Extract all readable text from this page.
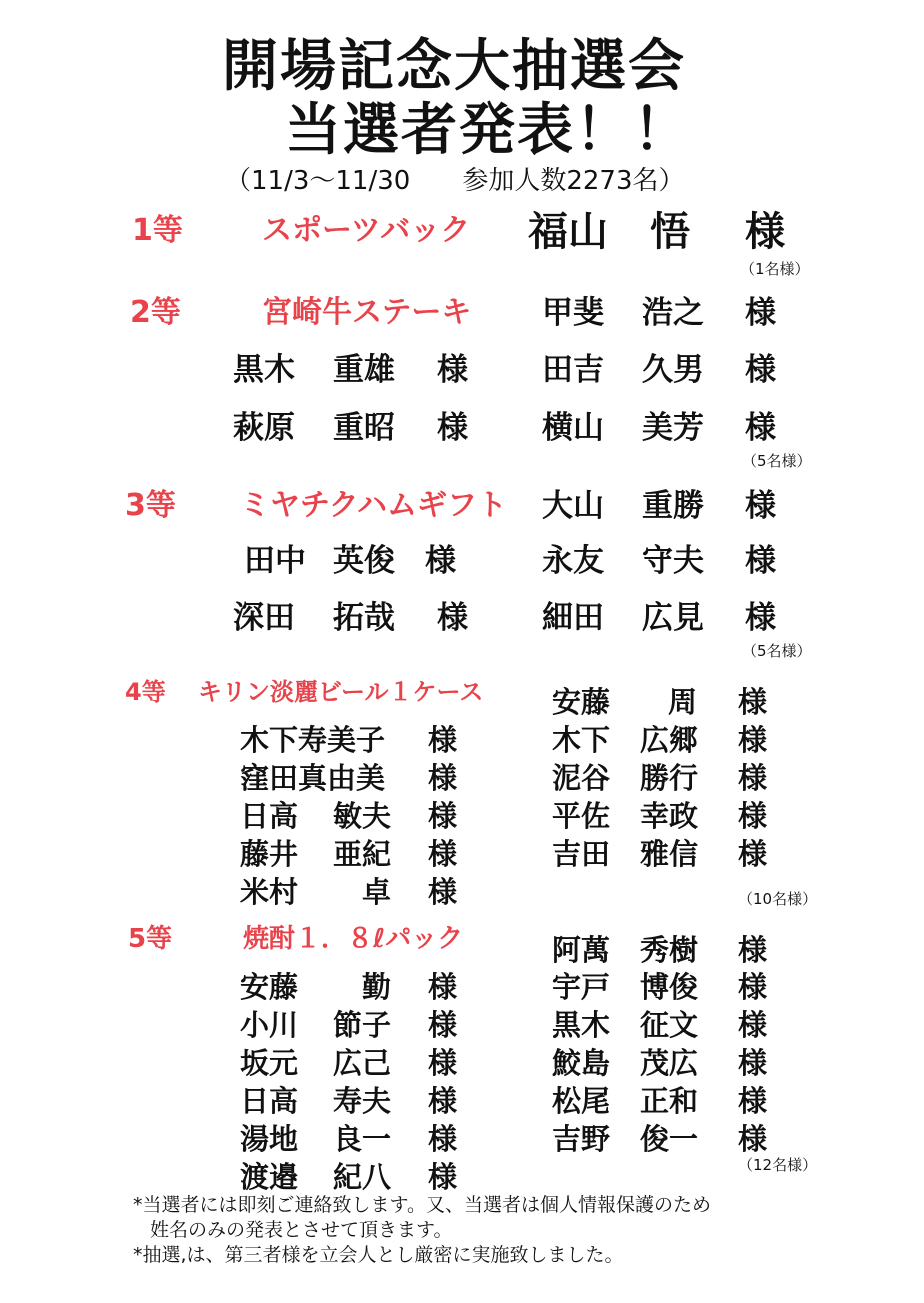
開場記念大抽選会
当選者発表！！
（11/3～11/30　　参加人数2273名）
1等	スポーツバック 福山 悟 様
（1名様）
2等	宮崎牛ステーキ 甲斐 浩之 様
黒木 重雄 様 田吉 久男 様
萩原 重昭 様 横山 美芳 様
（5名様）
3等 ミヤチクハムギフト 大山 重勝 様
田中 英俊 様	永友 守夫 様
深田 拓哉 様 細田 広見 様
（5名様）
4等 キリン淡麗ビール１ケース 安藤 周 様
木下寿美子 様	木下 広郷 様
窪田真由美 様	泥谷 勝行 様
日高 敏夫 様	平佐 幸政 様
藤井 亜紀 様	吉田 雅信 様
米村 卓 様	（10名様）
5等	焼酎１．８ℓパック	阿萬 秀樹 様
安藤 勤 様	宇戸 博俊 様
小川 節子 様	黒木 征文 様
坂元 広己 様	鮫島 茂広 様
日高 寿夫 様	松尾 正和 様
湯地 良一 様	吉野 俊一 様
渡邉 紀八 様	（12名様）
*当選者には即刻ご連絡致します。又、当選者は個人情報保護のため
姓名のみの発表とさせて頂きます。
*抽選,は、第三者様を立会人とし厳密に実施致しました。
